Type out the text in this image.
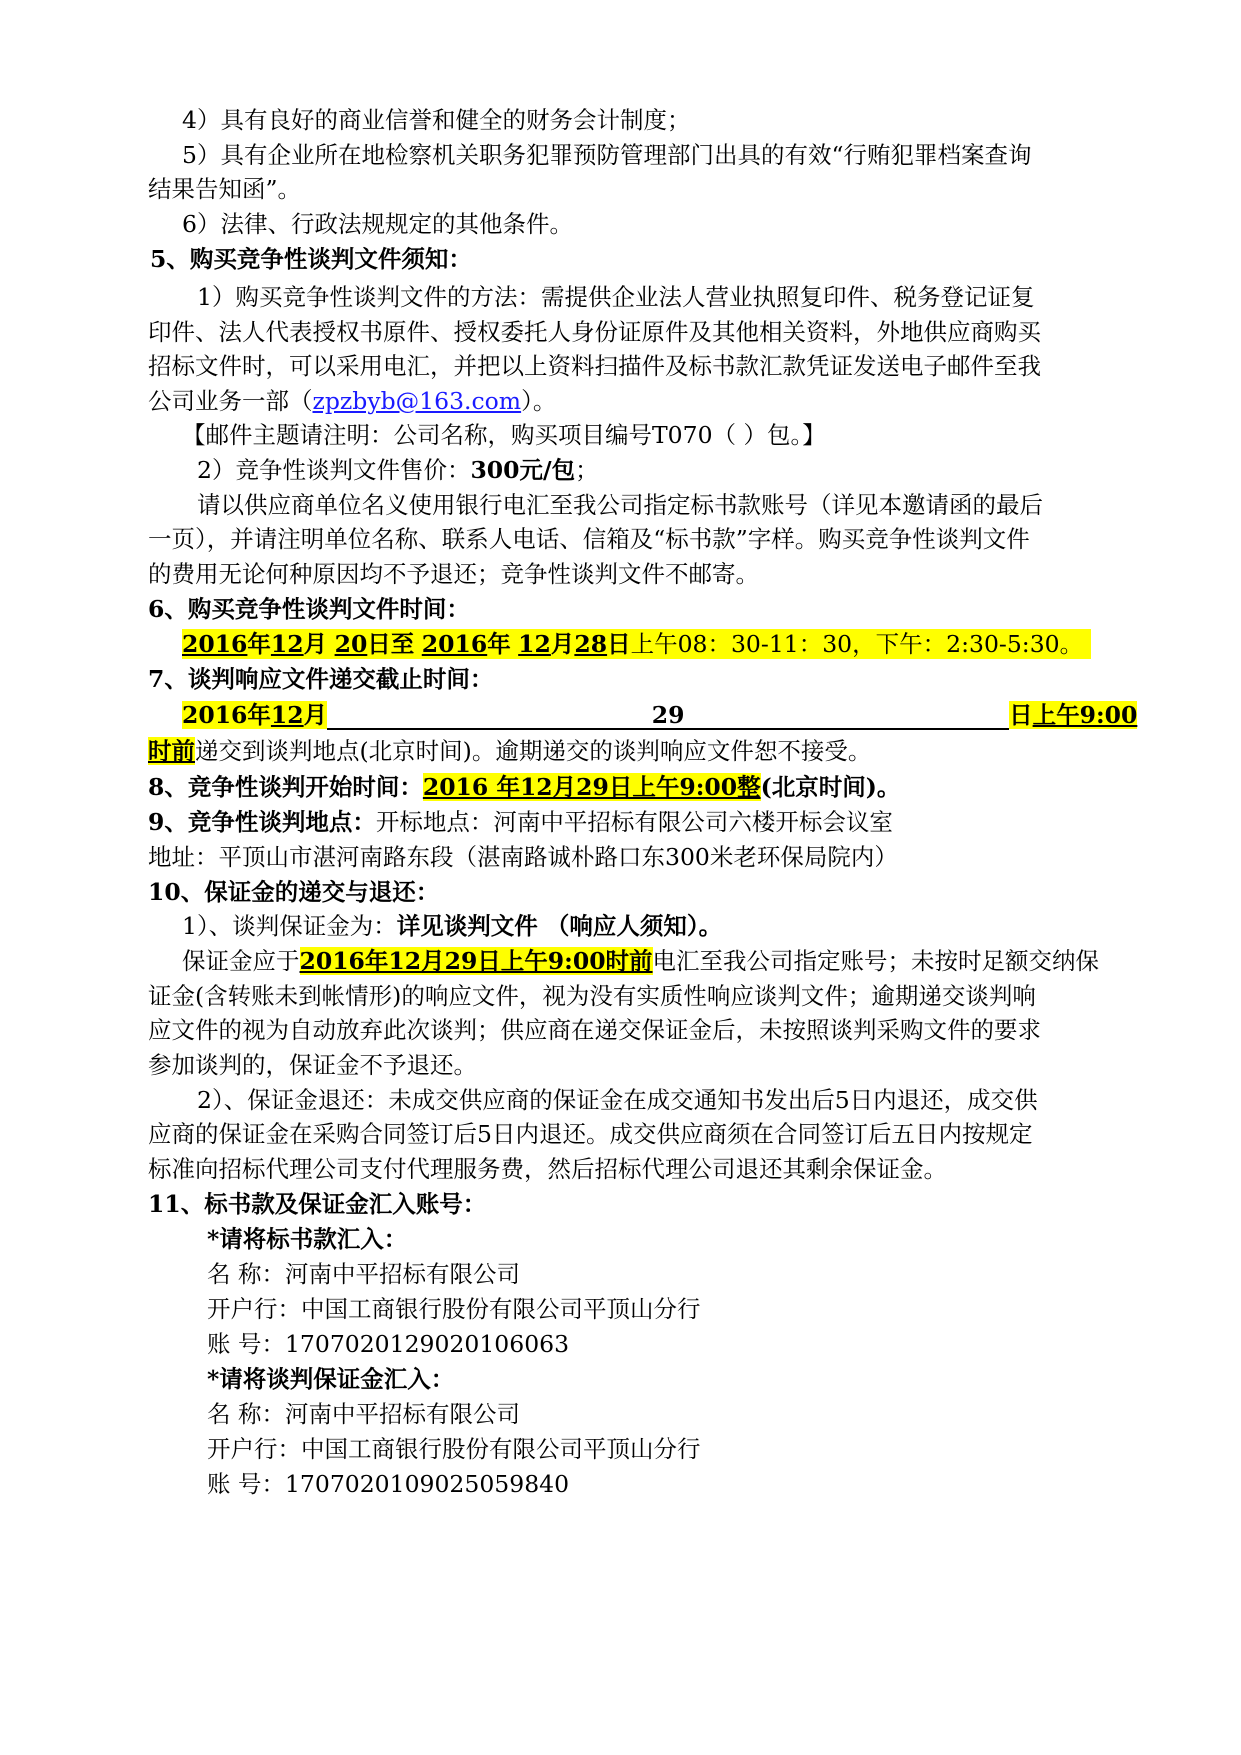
4）具有良好的商业信誉和健全的财务会计制度；
5）具有企业所在地检察机关职务犯罪预防管理部门出具的有效“行贿犯罪档案查询
结果告知函”。
6）法律、行政法规规定的其他条件。
5、购买竞争性谈判文件须知：
1）购买竞争性谈判文件的方法：需提供企业法人营业执照复印件、税务登记证复
印件、法人代表授权书原件、授权委托人身份证原件及其他相关资料，外地供应商购买
招标文件时，可以采用电汇，并把以上资料扫描件及标书款汇款凭证发送电子邮件至我
公司业务一部（zpzbyb@163.com）。
【邮件主题请注明：公司名称，购买项目编号T070（ ）包。】
2）竞争性谈判文件售价：300元/包；
请以供应商单位名义使用银行电汇至我公司指定标书款账号（详见本邀请函的最后
一页），并请注明单位名称、联系人电话、信箱及“标书款”字样。购买竞争性谈判文件
的费用无论何种原因均不予退还；竞争性谈判文件不邮寄。
6、购买竞争性谈判文件时间：
2016年12月 20日至 2016年 12月28日上午08：30-11：30，下午：2:30-5:30。
7、谈判响应文件递交截止时间：
2016年12月	29	日上午9:00
时前递交到谈判地点(北京时间)。逾期递交的谈判响应文件恕不接受。
8、竞争性谈判开始时间：2016 年12月29日上午9:00整(北京时间)。
9、竞争性谈判地点：开标地点：河南中平招标有限公司六楼开标会议室
地址：平顶山市湛河南路东段（湛南路诚朴路口东300米老环保局院内）
10、保证金的递交与退还：
1）、谈判保证金为：详见谈判文件 （响应人须知）。
保证金应于2016年12月29日上午9:00时前电汇至我公司指定账号；未按时足额交纳保
证金(含转账未到帐情形)的响应文件，视为没有实质性响应谈判文件；逾期递交谈判响
应文件的视为自动放弃此次谈判；供应商在递交保证金后，未按照谈判采购文件的要求
参加谈判的，保证金不予退还。
2）、保证金退还：未成交供应商的保证金在成交通知书发出后5日内退还，成交供
应商的保证金在采购合同签订后5日内退还。成交供应商须在合同签订后五日内按规定
标准向招标代理公司支付代理服务费，然后招标代理公司退还其剩余保证金。
11、标书款及保证金汇入账号：
*请将标书款汇入：
名 称：河南中平招标有限公司
开户行：中国工商银行股份有限公司平顶山分行
账 号：1707020129020106063
*请将谈判保证金汇入：
名 称：河南中平招标有限公司
开户行：中国工商银行股份有限公司平顶山分行
账 号：1707020109025059840
